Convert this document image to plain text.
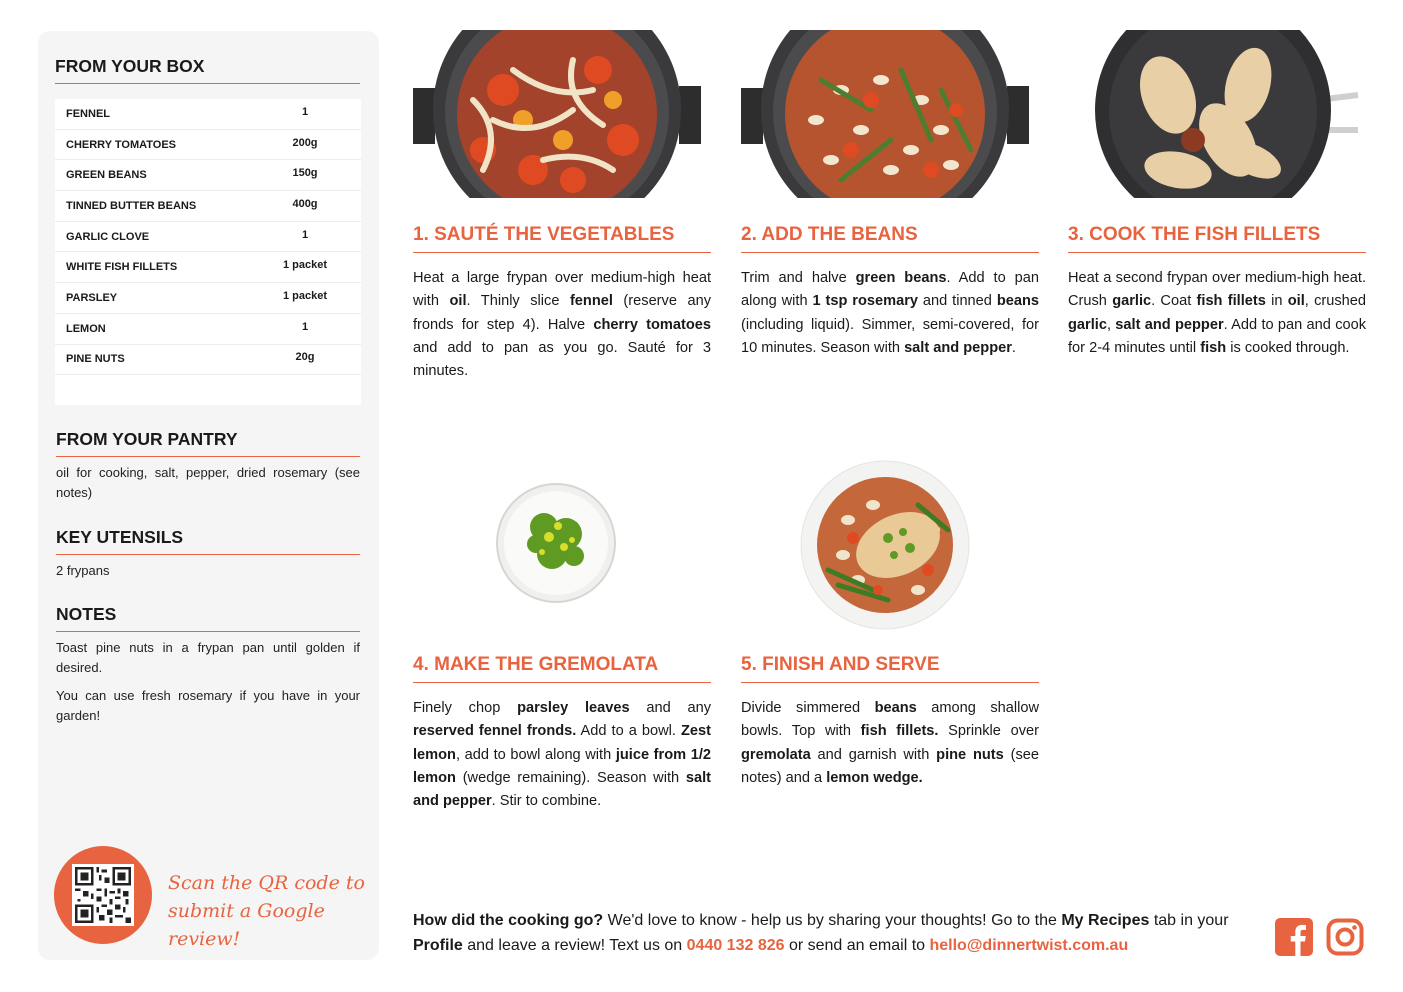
FROM YOUR BOX
FENNEL	1
CHERRY TOMATOES	200g
GREEN BEANS	150g
TINNED BUTTER BEANS	400g
GARLIC CLOVE	1
WHITE FISH FILLETS	1 packet
PARSLEY	1 packet
LEMON	1
PINE NUTS	20g
FROM YOUR PANTRY
oil for cooking, salt, pepper, dried rosemary (see notes)
KEY UTENSILS
2 frypans
NOTES
Toast pine nuts in a frypan pan until golden if desired.
You can use fresh rosemary if you have in your garden!
Scan the QR code to
submit a Google review!
1. SAUTÉ THE VEGETABLES
Heat a large frypan over medium-high heat with oil. Thinly slice fennel (reserve any fronds for step 4). Halve cherry tomatoes and add to pan as you go. Sauté for 3 minutes.
2. ADD THE BEANS
Trim and halve green beans. Add to pan along with 1 tsp rosemary and tinned beans (including liquid). Simmer, semi-covered, for 10 minutes. Season with salt and pepper.
3. COOK THE FISH FILLETS
Heat a second frypan over medium-high heat. Crush garlic. Coat fish fillets in oil, crushed garlic, salt and pepper. Add to pan and cook for 2-4 minutes until fish is cooked through.
4. MAKE THE GREMOLATA
Finely chop parsley leaves and any reserved fennel fronds. Add to a bowl. Zest lemon, add to bowl along with juice from 1/2 lemon (wedge remaining). Season with salt and pepper. Stir to combine.
5. FINISH AND SERVE
Divide simmered beans among shallow bowls. Top with fish fillets. Sprinkle over gremolata and garnish with pine nuts (see notes) and a lemon wedge.
How did the cooking go? We'd love to know - help us by sharing your thoughts! Go to the My Recipes tab in your Profile and leave a review! Text us on 0440 132 826 or send an email to hello@dinnertwist.com.au
